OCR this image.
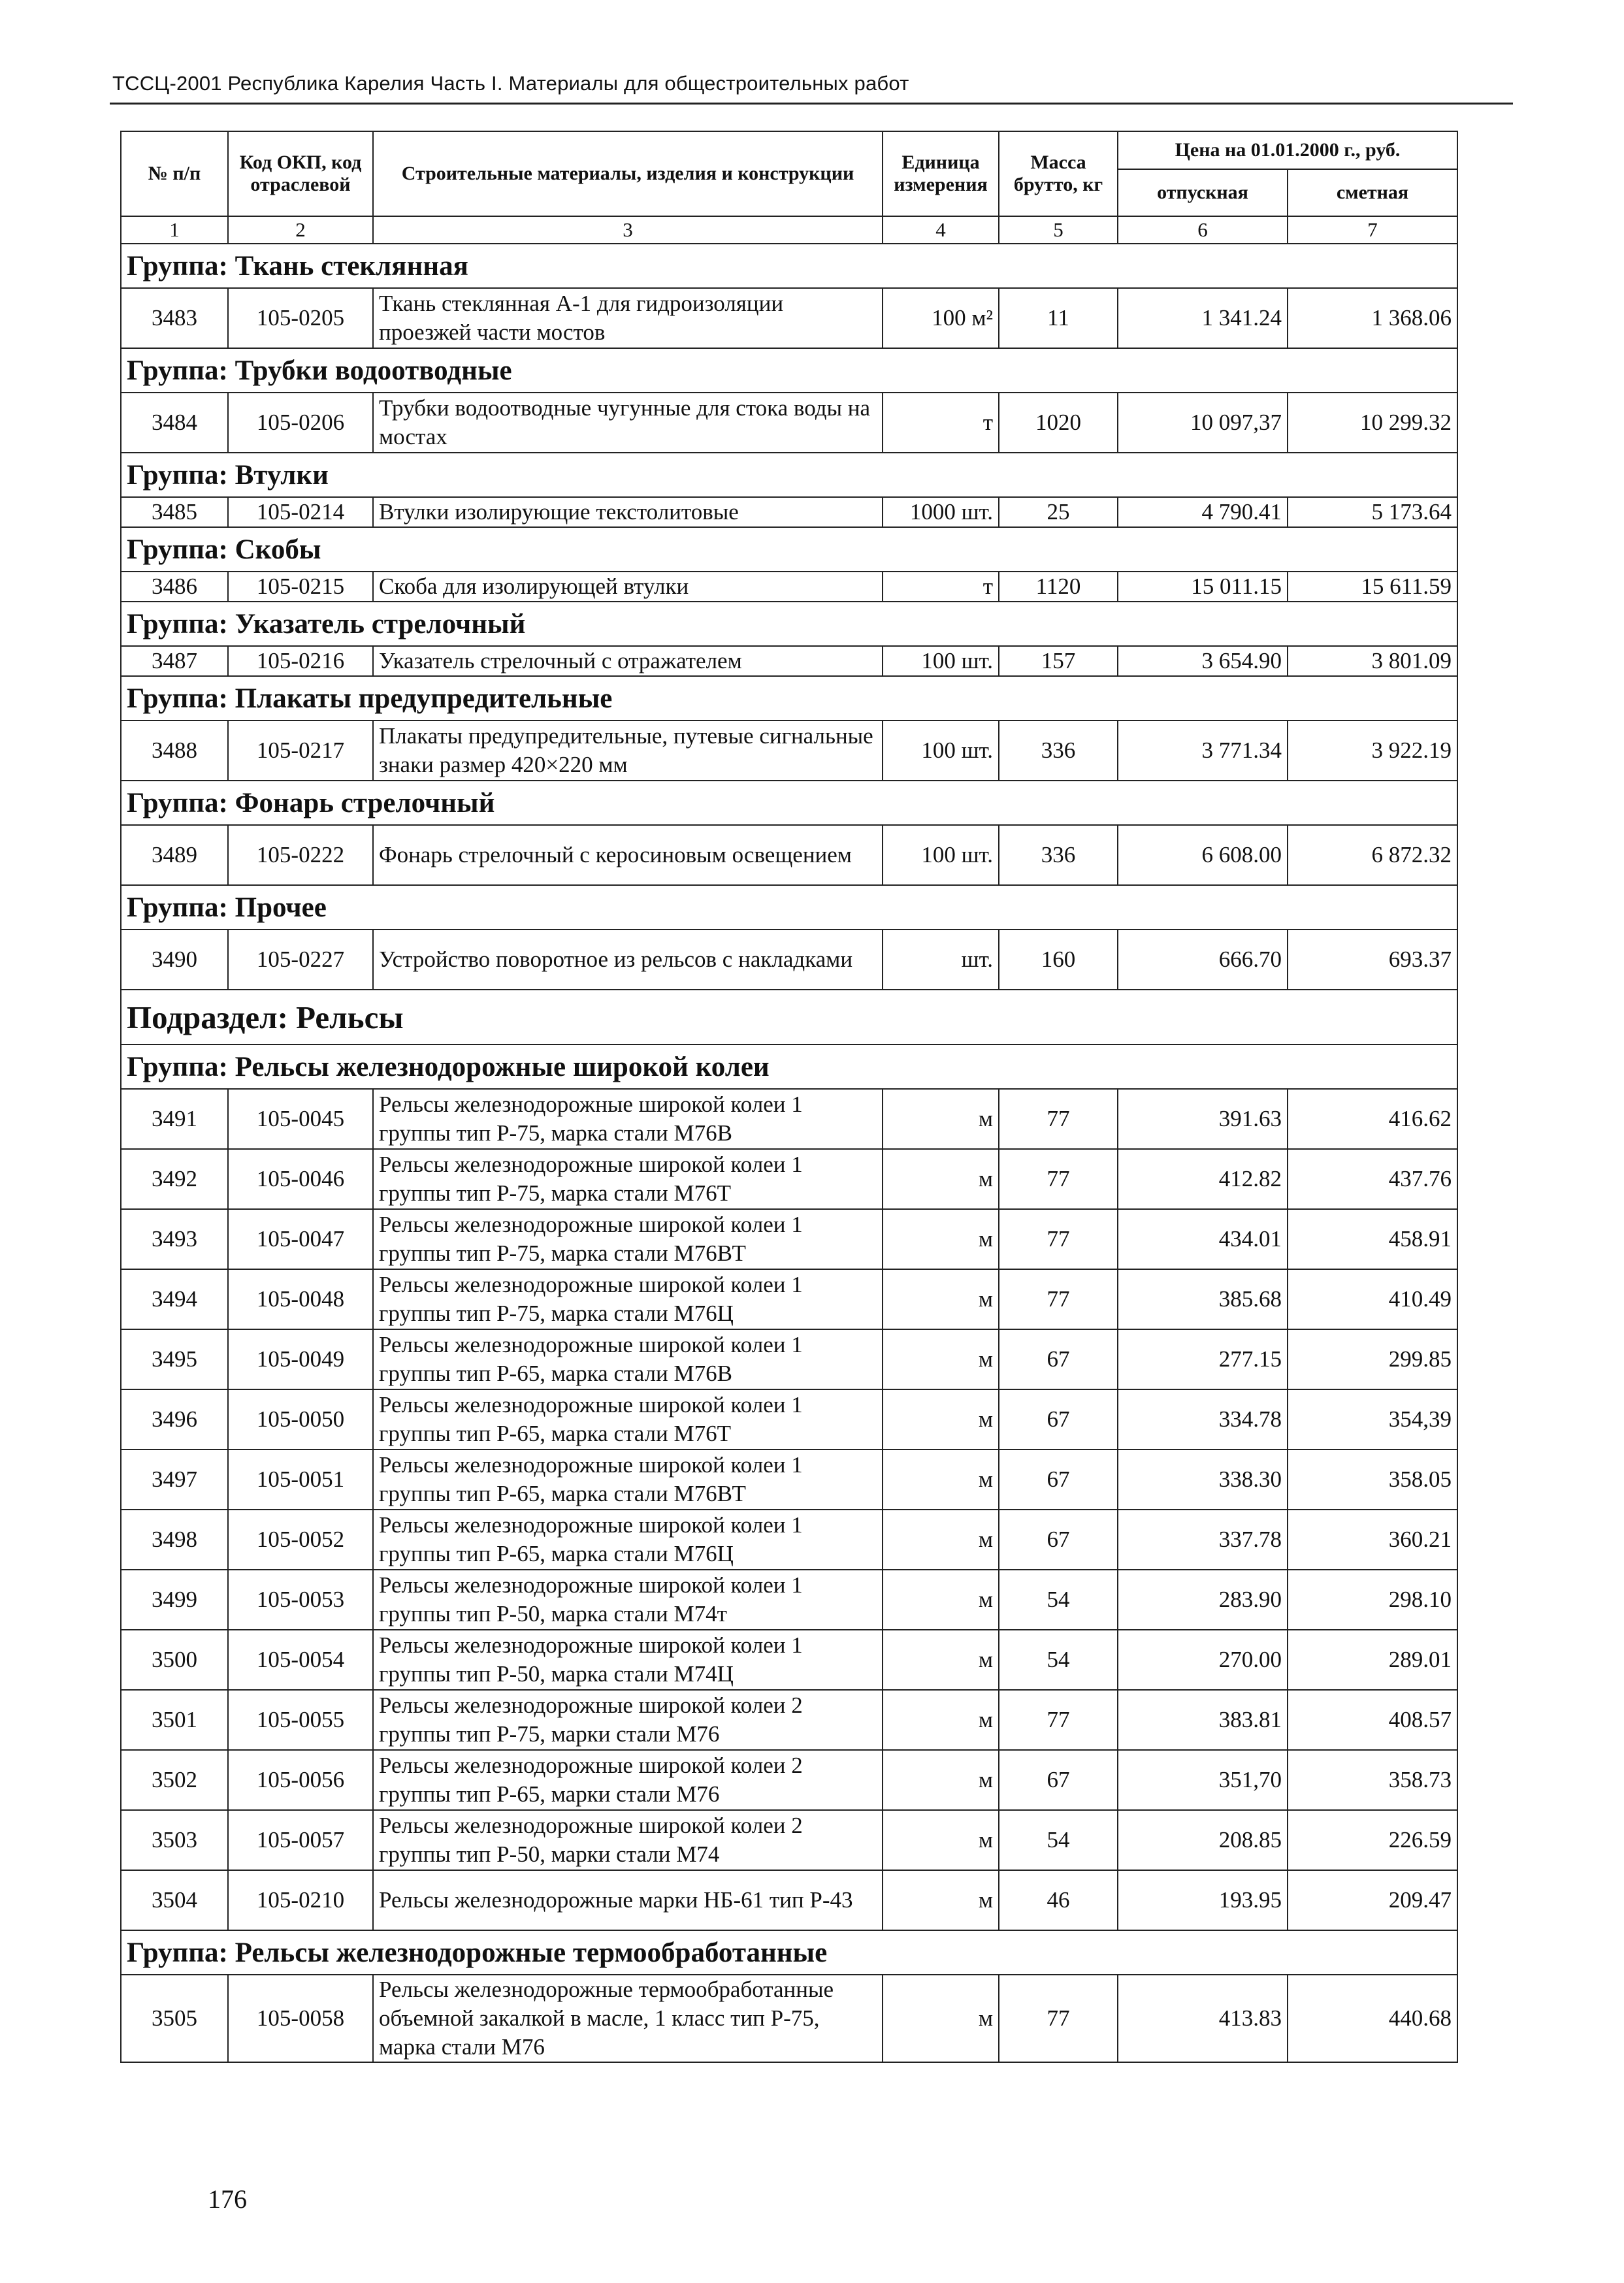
ТССЦ-2001 Республика Карелия Часть I. Материалы для общестроительных работ
№ п/п	Код ОКП, код отраслевой	Строительные материалы, изделия и конструкции	Единица измерения	Масса брутто, кг	Цена на 01.01.2000 г., руб.	
					отпускная	сметная
1	2	3	4	5	6	7
Группа: Ткань стеклянная						
3483	105-0205	Ткань стеклянная А-1 для гидроизоляции проезжей части мостов	100 м²	11	1 341.24	1 368.06
Группа: Трубки водоотводные						
3484	105-0206	Трубки водоотводные чугунные для стока воды на мостах	т	1020	10 097,37	10 299.32
Группа: Втулки						
3485	105-0214	Втулки изолирующие текстолитовые	1000 шт.	25	4 790.41	5 173.64
Группа: Скобы						
3486	105-0215	Скоба для изолирующей втулки	т	1120	15 011.15	15 611.59
Группа: Указатель стрелочный						
3487	105-0216	Указатель стрелочный с отражателем	100 шт.	157	3 654.90	3 801.09
Группа: Плакаты предупредительные						
3488	105-0217	Плакаты предупредительные, путевые сигнальные знаки размер 420×220 мм	100 шт.	336	3 771.34	3 922.19
Группа: Фонарь стрелочный						
3489	105-0222	Фонарь стрелочный с керосиновым освещением	100 шт.	336	6 608.00	6 872.32
Группа: Прочее						
3490	105-0227	Устройство поворотное из рельсов с накладками	шт.	160	666.70	693.37
Подраздел: Рельсы						
Группа: Рельсы железнодорожные широкой колеи						
3491	105-0045	Рельсы железнодорожные широкой колеи 1 группы тип Р-75, марка стали М76В	м	77	391.63	416.62
3492	105-0046	Рельсы железнодорожные широкой колеи 1 группы тип Р-75, марка стали М76Т	м	77	412.82	437.76
3493	105-0047	Рельсы железнодорожные широкой колеи 1 группы тип Р-75, марка стали М76ВТ	м	77	434.01	458.91
3494	105-0048	Рельсы железнодорожные широкой колеи 1 группы тип Р-75, марка стали М76Ц	м	77	385.68	410.49
3495	105-0049	Рельсы железнодорожные широкой колеи 1 группы тип Р-65, марка стали М76В	м	67	277.15	299.85
3496	105-0050	Рельсы железнодорожные широкой колеи 1 группы тип Р-65, марка стали М76Т	м	67	334.78	354,39
3497	105-0051	Рельсы железнодорожные широкой колеи 1 группы тип Р-65, марка стали М76ВТ	м	67	338.30	358.05
3498	105-0052	Рельсы железнодорожные широкой колеи 1 группы тип Р-65, марка стали М76Ц	м	67	337.78	360.21
3499	105-0053	Рельсы железнодорожные широкой колеи 1 группы тип Р-50, марка стали М74т	м	54	283.90	298.10
3500	105-0054	Рельсы железнодорожные широкой колеи 1 группы тип Р-50, марка стали М74Ц	м	54	270.00	289.01
3501	105-0055	Рельсы железнодорожные широкой колеи 2 группы тип Р-75, марки стали М76	м	77	383.81	408.57
3502	105-0056	Рельсы железнодорожные широкой колеи 2 группы тип Р-65, марки стали М76	м	67	351,70	358.73
3503	105-0057	Рельсы железнодорожные широкой колеи 2 группы тип Р-50, марки стали М74	м	54	208.85	226.59
3504	105-0210	Рельсы железнодорожные марки НБ-61 тип Р-43	м	46	193.95	209.47
Группа: Рельсы железнодорожные термообработанные						
3505	105-0058	Рельсы железнодорожные термообработанные объемной закалкой в масле, 1 класс тип Р-75, марка стали М76	м	77	413.83	440.68
176
